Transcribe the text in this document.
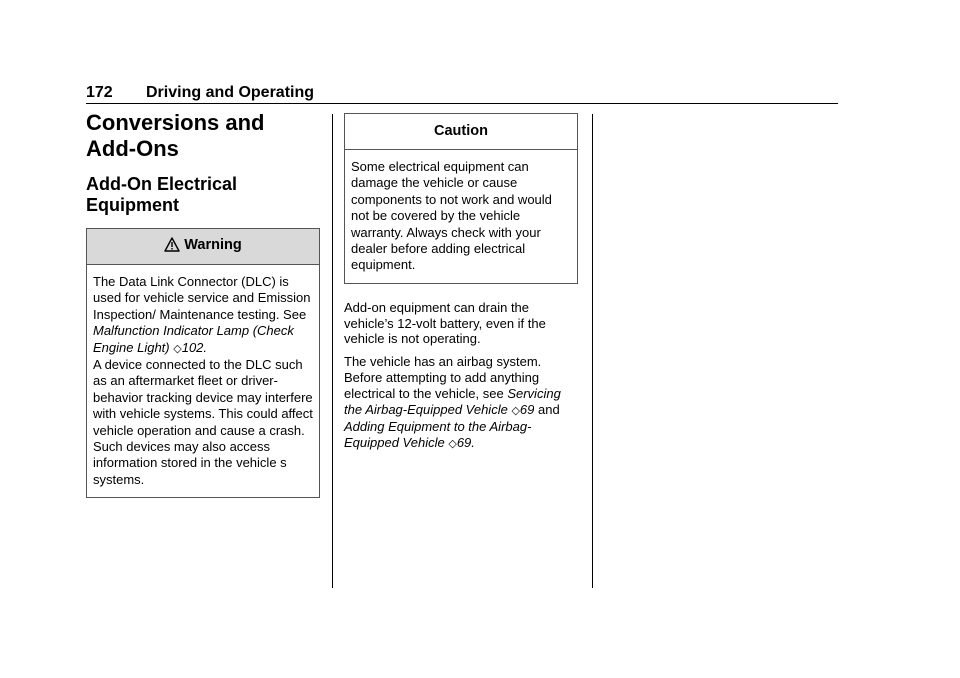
172 Driving and Operating
Conversions and Add-Ons
Add-On Electrical Equipment
Warning

The Data Link Connector (DLC) is used for vehicle service and Emission Inspection/ Maintenance testing. See Malfunction Indicator Lamp (Check Engine Light) ◇102.

A device connected to the DLC such as an aftermarket fleet or driver-behavior tracking device may interfere with vehicle systems. This could affect vehicle operation and cause a crash. Such devices may also access information stored in the vehicle s systems.

Caution

Some electrical equipment can damage the vehicle or cause components to not work and would not be covered by the vehicle warranty. Always check with your dealer before adding electrical equipment.

Add-on equipment can drain the vehicle’s 12-volt battery, even if the vehicle is not operating.

The vehicle has an airbag system. Before attempting to add anything electrical to the vehicle, see Servicing the Airbag-Equipped Vehicle ◇69 and Adding Equipment to the Airbag-Equipped Vehicle ◇69.
